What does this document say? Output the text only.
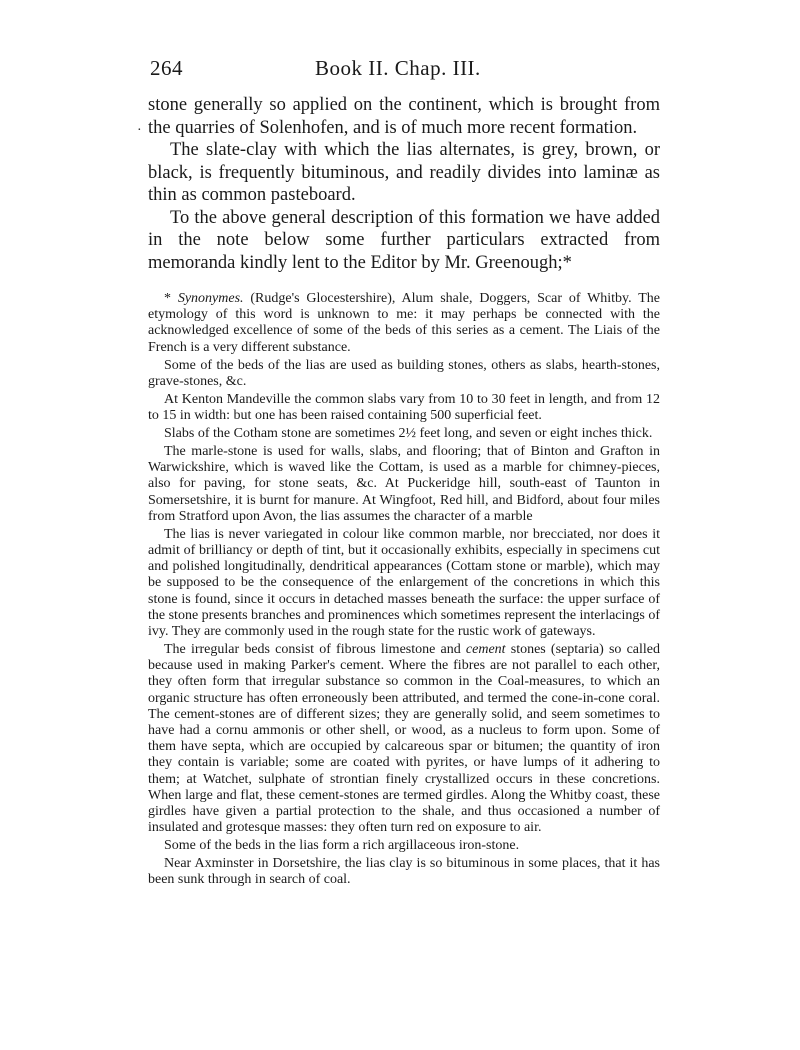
264	Book II. Chap. III.
·

stone generally so applied on the continent, which is brought from the quarries of Solenhofen, and is of much more recent formation.

The slate-clay with which the lias alternates, is grey, brown, or black, is frequently bituminous, and readily divides into laminæ as thin as common pasteboard.

To the above general description of this formation we have added in the note below some further particulars extracted from memoranda kindly lent to the Editor by Mr. Greenough;*

* Synonymes. (Rudge's Glocestershire), Alum shale, Doggers, Scar of Whitby. The etymology of this word is unknown to me: it may perhaps be connected with the acknowledged excellence of some of the beds of this series as a cement. The Liais of the French is a very different substance.

Some of the beds of the lias are used as building stones, others as slabs, hearth-stones, grave-stones, &c.

At Kenton Mandeville the common slabs vary from 10 to 30 feet in length, and from 12 to 15 in width: but one has been raised containing 500 superficial feet.

Slabs of the Cotham stone are sometimes 2½ feet long, and seven or eight inches thick.

The marle-stone is used for walls, slabs, and flooring; that of Binton and Grafton in Warwickshire, which is waved like the Cottam, is used as a marble for chimney-pieces, also for paving, for stone seats, &c. At Puckeridge hill, south-east of Taunton in Somersetshire, it is burnt for manure. At Wingfoot, Red hill, and Bidford, about four miles from Stratford upon Avon, the lias assumes the character of a marble

The lias is never variegated in colour like common marble, nor brecciated, nor does it admit of brilliancy or depth of tint, but it occasionally exhibits, especially in specimens cut and polished longitudinally, dendritical appearances (Cottam stone or marble), which may be supposed to be the consequence of the enlargement of the concretions in which this stone is found, since it occurs in detached masses beneath the surface: the upper surface of the stone presents branches and prominences which sometimes represent the interlacings of ivy. They are commonly used in the rough state for the rustic work of gateways.

The irregular beds consist of fibrous limestone and cement stones (septaria) so called because used in making Parker's cement. Where the fibres are not parallel to each other, they often form that irregular substance so common in the Coal-measures, to which an organic structure has often erroneously been attributed, and termed the cone-in-cone coral. The cement-stones are of different sizes; they are generally solid, and seem sometimes to have had a cornu ammonis or other shell, or wood, as a nucleus to form upon. Some of them have septa, which are occupied by calcareous spar or bitumen; the quantity of iron they contain is variable; some are coated with pyrites, or have lumps of it adhering to them; at Watchet, sulphate of strontian finely crystallized occurs in these concretions. When large and flat, these cement-stones are termed girdles. Along the Whitby coast, these girdles have given a partial protection to the shale, and thus occasioned a number of insulated and grotesque masses: they often turn red on exposure to air.

Some of the beds in the lias form a rich argillaceous iron-stone.

Near Axminster in Dorsetshire, the lias clay is so bituminous in some places, that it has been sunk through in search of coal.
